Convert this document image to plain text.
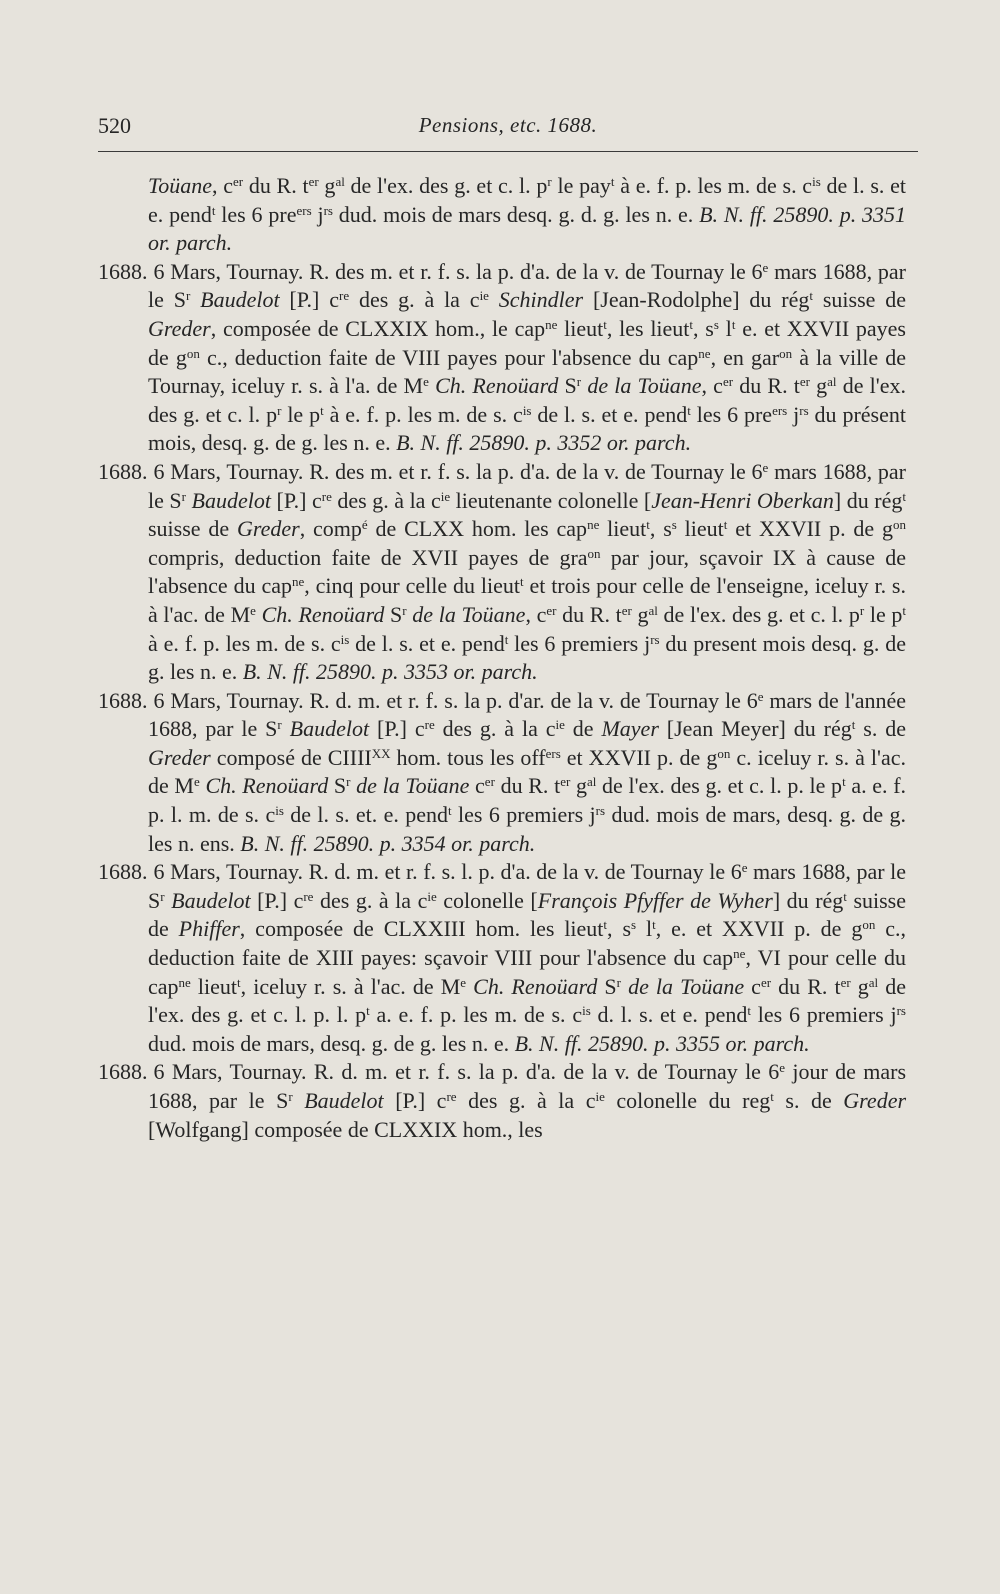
520	Pensions, etc. 1688.

Toüane, $c^{er}$ du R. $t^{er}$ $g^{al}$ de l'ex. des g. et c. l. $p^r$ le pay$^t$ à e. f. p. les m. de s. $c^{is}$ de l. s. et e. pend$^t$ les 6 pre$^{ers}$ $j^{rs}$ dud. mois de mars desq. g. d. g. les n. e. B. N. ff. 25890. p. 3351 or. parch.

1688. 6 Mars, Tournay. R. des m. et r. f. s. la p. d'a. de la v. de Tournay le 6e mars 1688, par le $S^r$ Baudelot [P.] $c^{re}$ des g. à la $c^{ie}$ Schindler [Jean-Rodolphe] du rég$^t$ suisse de Greder, composée de CLXXIX hom., le cap$^{ne}$ lieut$^t$, les lieut$^t$, $s^s$ $l^t$ e. et XXVII payes de $g^{on}$ c., deduction faite de VIII payes pour l'absence du cap$^{ne}$, en gar$^{on}$ à la ville de Tournay, iceluy r. s. à l'a. de Me Ch. Renoüard $S^r$ de la Toüane, $c^{er}$ du R. $t^{er}$ $g^{al}$ de l'ex. des g. et c. l. $p^r$ le $p^t$ à e. f. p. les m. de s. $c^{is}$ de l. s. et e. pend$^t$ les 6 pre$^{ers}$ $j^{rs}$ du présent mois, desq. g. de g. les n. e. B. N. ff. 25890. p. 3352 or. parch.

1688. 6 Mars, Tournay. R. des m. et r. f. s. la p. d'a. de la v. de Tournay le 6e mars 1688, par le $S^r$ Baudelot [P.] $c^{re}$ des g. à la $c^{ie}$ lieutenante colonelle [Jean-Henri Oberkan] du rég$^t$ suisse de Greder, comp$^é$ de CLXX hom. les cap$^{ne}$ lieut$^t$, $s^s$ lieut$^t$ et XXVII p. de $g^{on}$ compris, deduction faite de XVII payes de gra$^{on}$ par jour, sçavoir IX à cause de l'absence du cap$^{ne}$, cinq pour celle du lieut$^t$ et trois pour celle de l'enseigne, iceluy r. s. à l'ac. de Me Ch. Renoüard $S^r$ de la Toüane, $c^{er}$ du R. $t^{er}$ $g^{al}$ de l'ex. des g. et c. l. $p^r$ le $p^t$ à e. f. p. les m. de s. $c^{is}$ de l. s. et e. pend$^t$ les 6 premiers $j^{rs}$ du present mois desq. g. de g. les n. e. B. N. ff. 25890. p. 3353 or. parch.

1688. 6 Mars, Tournay. R. d. m. et r. f. s. la p. d'ar. de la v. de Tournay le 6e mars de l'année 1688, par le $S^r$ Baudelot [P.] $c^{re}$ des g. à la $c^{ie}$ de Mayer [Jean Meyer] du rég$^t$ s. de Greder composé de $CIIII^{XX}$ hom. tous les off$^{ers}$ et XXVII p. de $g^{on}$ c. iceluy r. s. à l'ac. de Me Ch. Renoüard $S^r$ de la Toüane $c^{er}$ du R. $t^{er}$ $g^{al}$ de l'ex. des g. et c. l. p. le $p^t$ a. e. f. p. l. m. de s. $c^{is}$ de l. s. et. e. pend$^t$ les 6 premiers $j^{rs}$ dud. mois de mars, desq. g. de g. les n. ens. B. N. ff. 25890. p. 3354 or. parch.

1688. 6 Mars, Tournay. R. d. m. et r. f. s. l. p. d'a. de la v. de Tournay le 6e mars 1688, par le $S^r$ Baudelot [P.] $c^{re}$ des g. à la $c^{ie}$ colonelle [François Pfyffer de Wyher] du rég$^t$ suisse de Phiffer, composée de CLXXIII hom. les lieut$^t$, $s^s$ $l^t$, e. et XXVII p. de $g^{on}$ c., deduction faite de XIII payes: sçavoir VIII pour l'absence du cap$^{ne}$, VI pour celle du cap$^{ne}$ lieut$^t$, iceluy r. s. à l'ac. de Me Ch. Renoüard $S^r$ de la Toüane $c^{er}$ du R. $t^{er}$ $g^{al}$ de l'ex. des g. et c. l. p. l. $p^t$ a. e. f. p. les m. de s. $c^{is}$ d. l. s. et e. pend$^t$ les 6 premiers $j^{rs}$ dud. mois de mars, desq. g. de g. les n. e. B. N. ff. 25890. p. 3355 or. parch.

1688. 6 Mars, Tournay. R. d. m. et r. f. s. la p. d'a. de la v. de Tournay le 6e jour de mars 1688, par le $S^r$ Baudelot [P.] $c^{re}$ des g. à la $c^{ie}$ colonelle du reg$^t$ s. de Greder [Wolfgang] composée de CLXXIX hom., les
